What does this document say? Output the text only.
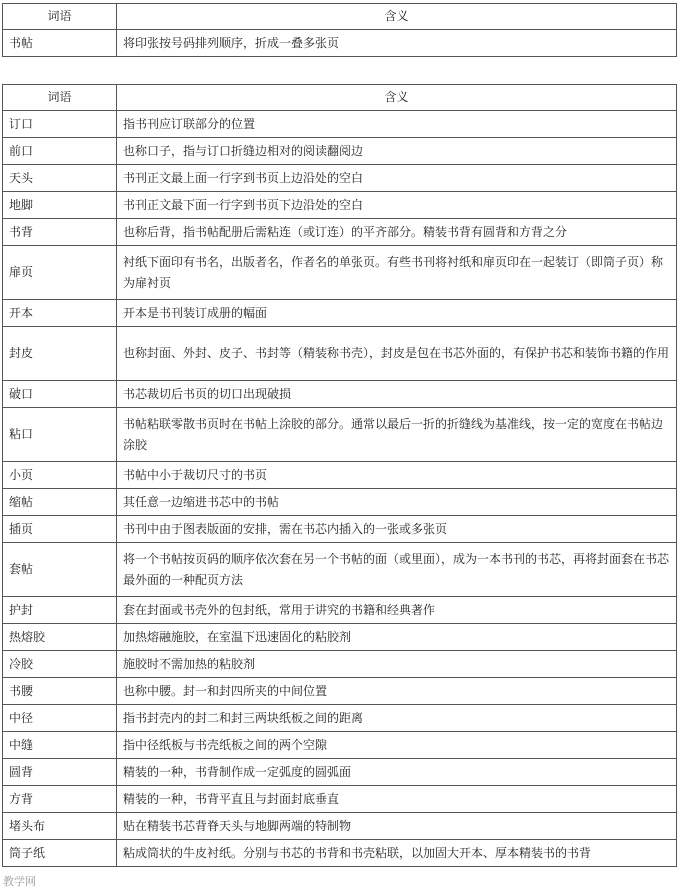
词语	含义
书帖	将印张按号码排列顺序，折成一叠多张页
词语	含义
订口	指书刊应订联部分的位置
前口	也称口子，指与订口折缝边相对的阅读翻阅边
天头	书刊正文最上面一行字到书页上边沿处的空白
地脚	书刊正文最下面一行字到书页下边沿处的空白
书背	也称后背，指书帖配册后需粘连（或订连）的平齐部分。精装书背有圆背和方背之分
扉页	衬纸下面印有书名，出版者名，作者名的单张页。有些书刊将衬纸和扉页印在一起装订（即筒子页）称为扉衬页
开本	开本是书刊装订成册的幅面
封皮	也称封面、外封、皮子、书封等（精装称书壳），封皮是包在书芯外面的，有保护书芯和装饰书籍的作用
破口	书芯裁切后书页的切口出现破损
粘口	书帖粘联零散书页时在书帖上涂胶的部分。通常以最后一折的折缝线为基准线，按一定的宽度在书帖边涂胶
小页	书帖中小于裁切尺寸的书页
缩帖	其任意一边缩进书芯中的书帖
插页	书刊中由于图表版面的安排，需在书芯内插入的一张或多张页
套帖	将一个书帖按页码的顺序依次套在另一个书帖的面（或里面），成为一本书刊的书芯，再将封面套在书芯最外面的一种配页方法
护封	套在封面或书壳外的包封纸，常用于讲究的书籍和经典著作
热熔胶	加热熔融施胶，在室温下迅速固化的粘胶剂
冷胶	施胶时不需加热的粘胶剂
书腰	也称中腰。封一和封四所夹的中间位置
中径	指书封壳内的封二和封三两块纸板之间的距离
中缝	指中径纸板与书壳纸板之间的两个空隙
圆背	精装的一种，书背制作成一定弧度的圆弧面
方背	精装的一种，书背平直且与封面封底垂直
堵头布	贴在精装书芯背脊天头与地脚两端的特制物
筒子纸	粘成筒状的牛皮衬纸。分别与书芯的书背和书壳粘联，以加固大开本、厚本精装书的书背
教学网
